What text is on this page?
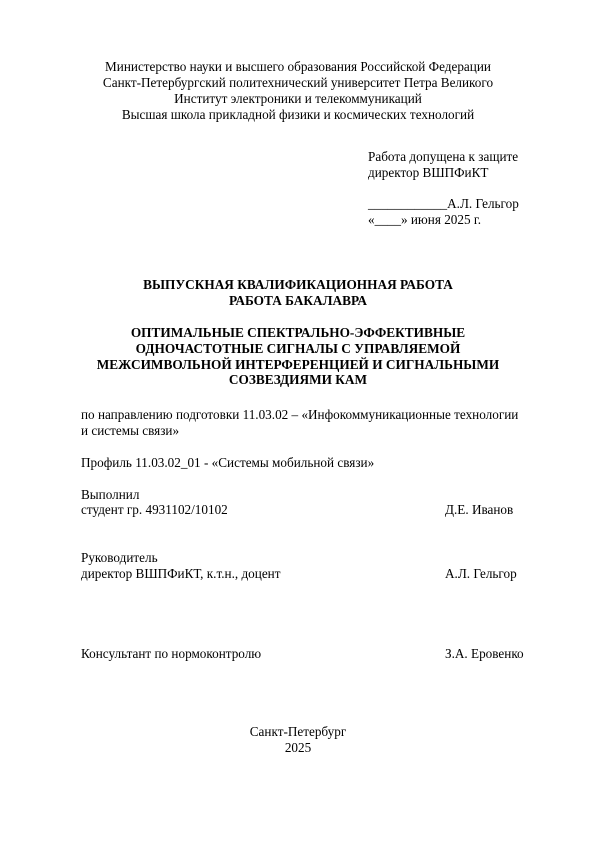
Министерство науки и высшего образования Российской Федерации
Санкт-Петербургский политехнический университет Петра Великого
Институт электроники и телекоммуникаций
Высшая школа прикладной физики и космических технологий
Работа допущена к защите
директор ВШПФиКТ
____________А.Л. Гельгор
«____» июня 2025 г.
ВЫПУСКНАЯ КВАЛИФИКАЦИОННАЯ РАБОТА
РАБОТА БАКАЛАВРА
ОПТИМАЛЬНЫЕ СПЕКТРАЛЬНО-ЭФФЕКТИВНЫЕ
ОДНОЧАСТОТНЫЕ СИГНАЛЫ С УПРАВЛЯЕМОЙ
МЕЖСИМВОЛЬНОЙ ИНТЕРФЕРЕНЦИЕЙ И СИГНАЛЬНЫМИ
СОЗВЕЗДИЯМИ КАМ
по направлению подготовки 11.03.02 – «Инфокоммуникационные технологии
и системы связи»
Профиль 11.03.02_01 - «Системы мобильной связи»
Выполнил
студент гр. 4931102/10102	Д.Е. Иванов
Руководитель
директор ВШПФиКТ, к.т.н., доцент	А.Л. Гельгор
Консультант по нормоконтролю	З.А. Еровенко
Санкт-Петербург
2025
